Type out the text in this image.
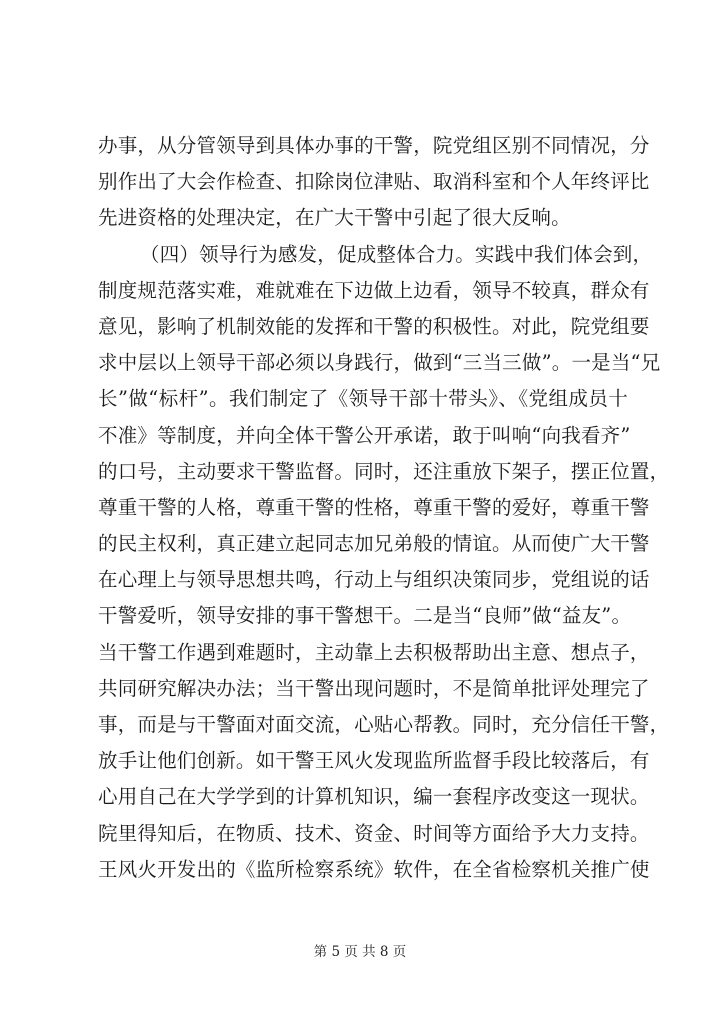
办事，从分管领导到具体办事的干警，院党组区别不同情况，分
别作出了大会作检查、扣除岗位津贴、取消科室和个人年终评比
先进资格的处理决定，在广大干警中引起了很大反响。
（四）领导行为感发，促成整体合力。实践中我们体会到，
制度规范落实难，难就难在下边做上边看，领导不较真，群众有
意见，影响了机制效能的发挥和干警的积极性。对此，院党组要
求中层以上领导干部必须以身践行，做到“三当三做”。一是当“兄
长”做“标杆”。我们制定了《领导干部十带头》、《党组成员十
不准》等制度，并向全体干警公开承诺，敢于叫响“向我看齐”
的口号，主动要求干警监督。同时，还注重放下架子，摆正位置，
尊重干警的人格，尊重干警的性格，尊重干警的爱好，尊重干警
的民主权利，真正建立起同志加兄弟般的情谊。从而使广大干警
在心理上与领导思想共鸣，行动上与组织决策同步，党组说的话
干警爱听，领导安排的事干警想干。二是当“良师”做“益友”。
当干警工作遇到难题时，主动靠上去积极帮助出主意、想点子，
共同研究解决办法；当干警出现问题时，不是简单批评处理完了
事，而是与干警面对面交流，心贴心帮教。同时，充分信任干警，
放手让他们创新。如干警王风火发现监所监督手段比较落后，有
心用自己在大学学到的计算机知识，编一套程序改变这一现状。
院里得知后，在物质、技术、资金、时间等方面给予大力支持。
王风火开发出的《监所检察系统》软件，在全省检察机关推广使
第 5 页 共 8 页
